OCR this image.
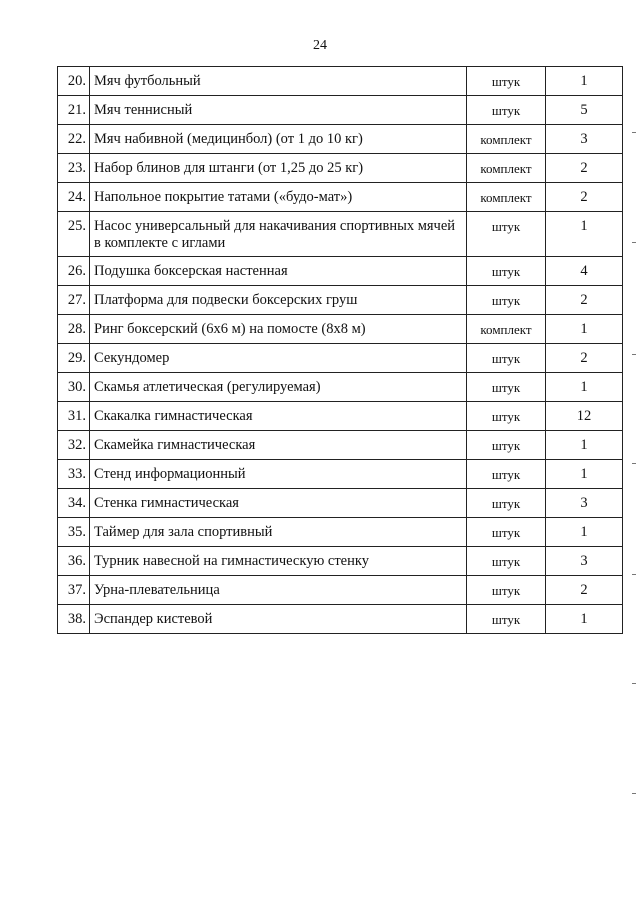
24
20.	Мяч футбольный	штук	1
21.	Мяч теннисный	штук	5
22.	Мяч набивной (медицинбол) (от 1 до 10 кг)	комплект	3
23.	Набор блинов для штанги (от 1,25 до 25 кг)	комплект	2
24.	Напольное покрытие татами («будо-мат»)	комплект	2
25.	Насос универсальный для накачивания спортивных мячей в комплекте с иглами	штук	1
26.	Подушка боксерская настенная	штук	4
27.	Платформа для подвески боксерских груш	штук	2
28.	Ринг боксерский (6х6 м) на помосте (8х8 м)	комплект	1
29.	Секундомер	штук	2
30.	Скамья атлетическая (регулируемая)	штук	1
31.	Скакалка гимнастическая	штук	12
32.	Скамейка гимнастическая	штук	1
33.	Стенд информационный	штук	1
34.	Стенка гимнастическая	штук	3
35.	Таймер для зала спортивный	штук	1
36.	Турник навесной на гимнастическую стенку	штук	3
37.	Урна-плевательница	штук	2
38.	Эспандер кистевой	штук	1
